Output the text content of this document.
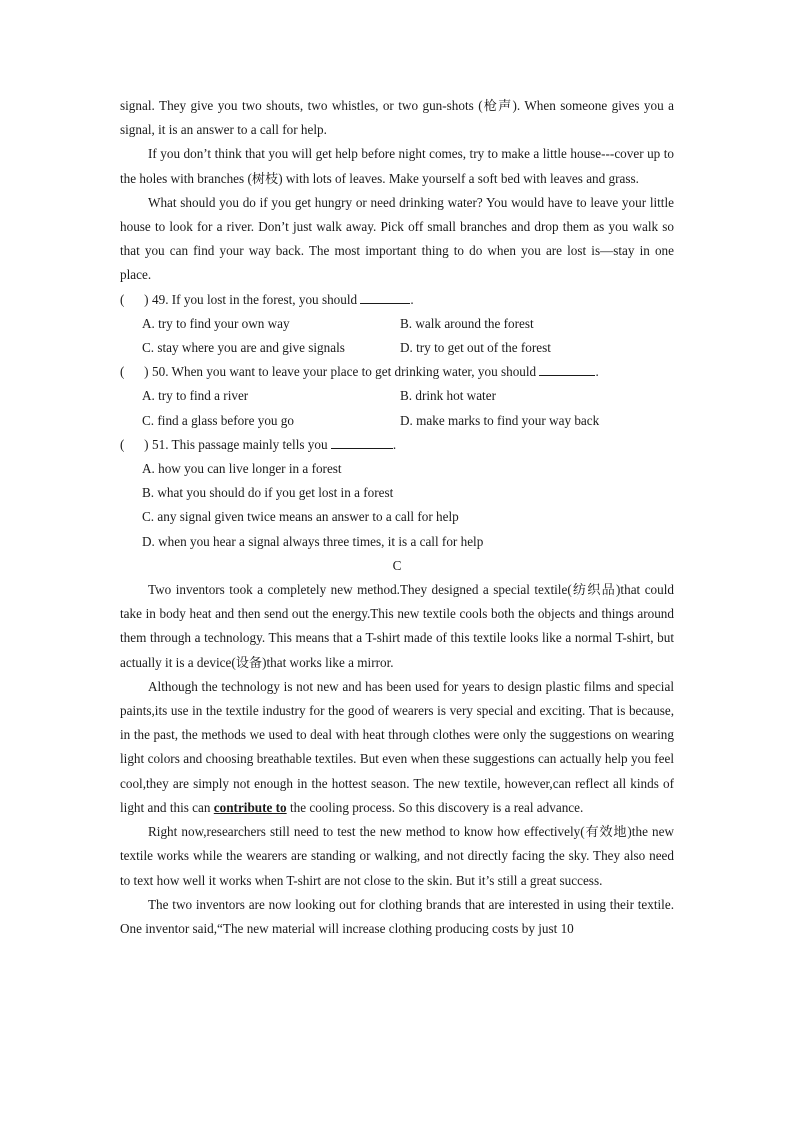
signal. They give you two shouts, two whistles, or two gun-shots (枪声). When someone gives you a signal, it is an answer to a call for help.

If you don’t think that you will get help before night comes, try to make a little house---cover up to the holes with branches (树枝) with lots of leaves. Make yourself a soft bed with leaves and grass.

What should you do if you get hungry or need drinking water? You would have to leave your little house to look for a river. Don’t just walk away. Pick off small branches and drop them as you walk so that you can find your way back. The most important thing to do when you are lost is—stay in one place.

(      ) 49. If you lost in the forest, you should	.

A. try to find your own way	B. walk around the forest
C. stay where you are and give signals	D. try to get out of the forest

(      ) 50. When you want to leave your place to get drinking water, you should	.

A. try to find a river	B. drink hot water
C. find a glass before you go	D. make marks to find your way back

(      ) 51. This passage mainly tells you	.

A. how you can live longer in a forest
B. what you should do if you get lost in a forest
C. any signal given twice means an answer to a call for help
D. when you hear a signal always three times, it is a call for help

C

Two inventors took a completely new method.They designed a special textile(纺织品)that could take in body heat and then send out the energy.This new textile cools both the objects and things around them through a technology. This means that a T-shirt made of this textile looks like a normal T-shirt, but actually it is a device(设备)that works like a mirror.

Although the technology is not new and has been used for years to design plastic films and special paints,its use in the textile industry for the good of wearers is very special and exciting. That is because, in the past, the methods we used to deal with heat through clothes were only the suggestions on wearing light colors and choosing breathable textiles. But even when these suggestions can actually help you feel cool,they are simply not enough in the hottest season. The new textile, however,can reflect all kinds of light and this can contribute to the cooling process. So this discovery is a real advance.

Right now,researchers still need to test the new method to know how effectively(有效地)the new textile works while the wearers are standing or walking, and not directly facing the sky. They also need to text how well it works when T-shirt are not close to the skin. But it’s still a great success.

The two inventors are now looking out for clothing brands that are interested in using their textile. One inventor said,“The new material will increase clothing producing costs by just 10
